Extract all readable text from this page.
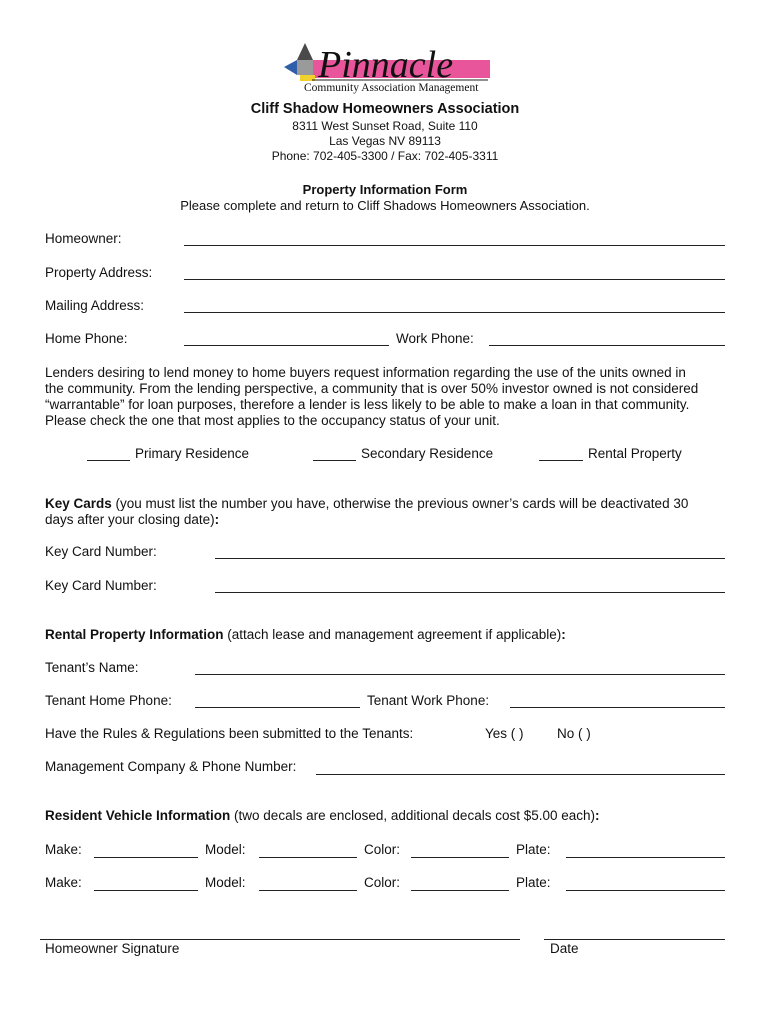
Pinnacle
Community Association Management
Cliff Shadow Homeowners Association
8311 West Sunset Road, Suite 110
Las Vegas NV 89113
Phone: 702-405-3300 / Fax: 702-405-3311
Property Information Form
Please complete and return to Cliff Shadows Homeowners Association.
Homeowner:
Property Address:
Mailing Address:
Home Phone:	Work Phone:
Lenders desiring to lend money to home buyers request information regarding the use of the units owned in
the community. From the lending perspective, a community that is over 50% investor owned is not considered
“warrantable” for loan purposes, therefore a lender is less likely to be able to make a loan in that community.
Please check the one that most applies to the occupancy status of your unit.
Primary Residence	Secondary Residence	Rental Property
Key Cards (you must list the number you have, otherwise the previous owner’s cards will be deactivated 30
days after your closing date):
Key Card Number:
Key Card Number:
Rental Property Information (attach lease and management agreement if applicable):
Tenant’s Name:
Tenant Home Phone:	Tenant Work Phone:
Have the Rules & Regulations been submitted to the Tenants:	Yes ( ) No ( )
Management Company & Phone Number:
Resident Vehicle Information (two decals are enclosed, additional decals cost $5.00 each):
Make:	Model:	Color:	Plate:
Make:	Model:	Color:	Plate:
Homeowner Signature	Date
